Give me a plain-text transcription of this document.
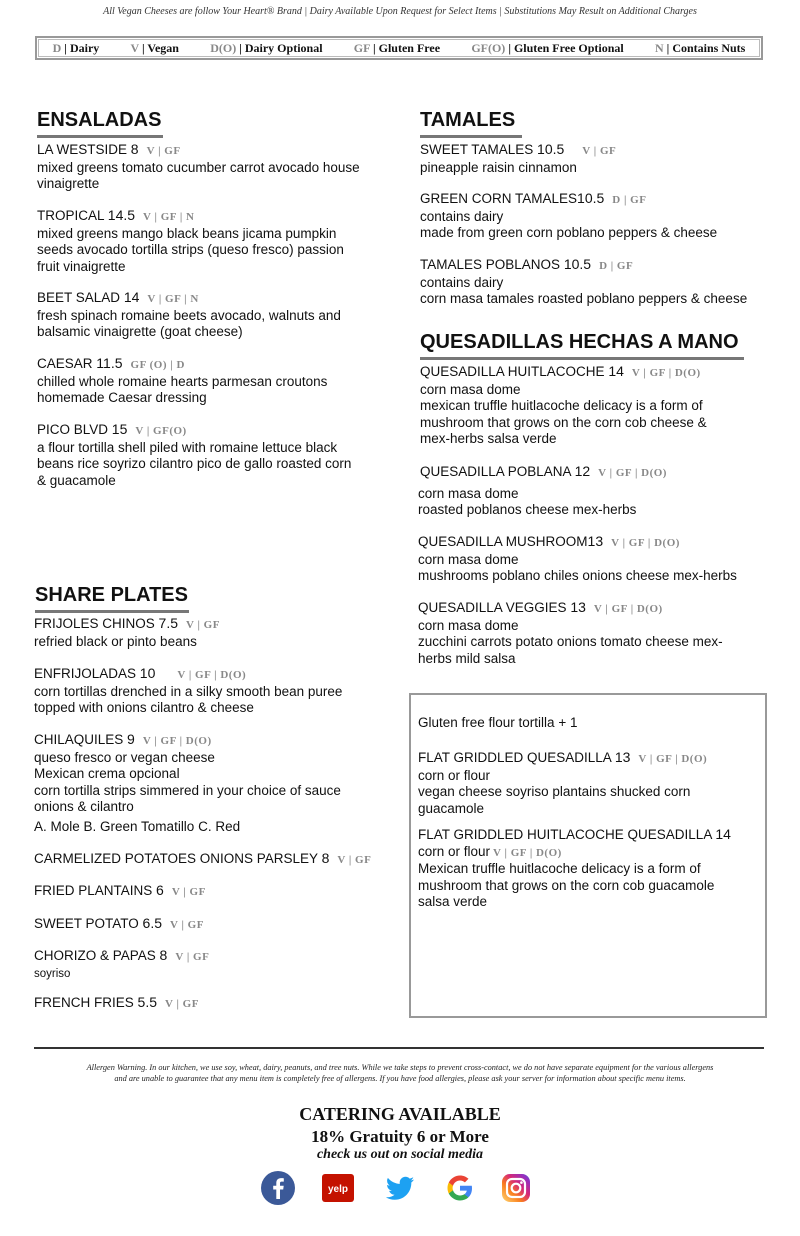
All Vegan Cheeses are follow Your Heart® Brand | Dairy Available Upon Request for Select Items | Substitutions May Result on Additional Charges
D | Dairy	V | Vegan	D(O) | Dairy Optional	GF | Gluten Free	GF(O) | Gluten Free Optional	N | Contains Nuts
ENSALADAS
LA WESTSIDE 8 V | GF
mixed greens tomato cucumber carrot avocado house
vinaigrette
TROPICAL 14.5 V | GF | N
mixed greens mango black beans jicama pumpkin
seeds avocado tortilla strips (queso fresco) passion
fruit vinaigrette
BEET SALAD 14 V | GF | N
fresh spinach romaine beets avocado, walnuts and
balsamic vinaigrette (goat cheese)
CAESAR 11.5 GF (O) | D
chilled whole romaine hearts parmesan croutons
homemade Caesar dressing
PICO BLVD 15 V | GF(O)
a flour tortilla shell piled with romaine lettuce black
beans rice soyrizo cilantro pico de gallo roasted corn
& guacamole
SHARE PLATES
FRIJOLES CHINOS 7.5 V | GF
refried black or pinto beans
ENFRIJOLADAS 10 V | GF | D(O)
corn tortillas drenched in a silky smooth bean puree
topped with onions cilantro & cheese
CHILAQUILES 9 V | GF | D(O)
queso fresco or vegan cheese
Mexican crema opcional
corn tortilla strips simmered in your choice of sauce
onions & cilantro
A. Mole B. Green Tomatillo C. Red
CARMELIZED POTATOES ONIONS PARSLEY 8 V | GF
FRIED PLANTAINS 6 V | GF
SWEET POTATO 6.5 V | GF
CHORIZO & PAPAS 8 V | GF
soyriso
FRENCH FRIES 5.5 V | GF
TAMALES
SWEET TAMALES 10.5 V | GF
pineapple raisin cinnamon
GREEN CORN TAMALES10.5 D | GF
contains dairy
made from green corn poblano peppers & cheese
TAMALES POBLANOS 10.5 D | GF
contains dairy
corn masa tamales roasted poblano peppers & cheese
QUESADILLAS HECHAS A MANO
QUESADILLA HUITLACOCHE 14 V | GF | D(O)
corn masa dome
mexican truffle huitlacoche delicacy is a form of
mushroom that grows on the corn cob cheese &
mex-herbs salsa verde
QUESADILLA POBLANA 12 V | GF | D(O)
corn masa dome
roasted poblanos cheese mex-herbs
QUESADILLA MUSHROOM13 V | GF | D(O)
corn masa dome
mushrooms poblano chiles onions cheese mex-herbs
QUESADILLA VEGGIES 13 V | GF | D(O)
corn masa dome
zucchini carrots potato onions tomato cheese mex-
herbs mild salsa
Gluten free flour tortilla + 1
FLAT GRIDDLED QUESADILLA 13 V | GF | D(O)
corn or flour
vegan cheese soyriso plantains shucked corn
guacamole
FLAT GRIDDLED HUITLACOCHE QUESADILLA 14
corn or flour V | GF | D(O)
Mexican truffle huitlacoche delicacy is a form of
mushroom that grows on the corn cob guacamole
salsa verde
Allergen Warning. In our kitchen, we use soy, wheat, dairy, peanuts, and tree nuts. While we take steps to prevent cross-contact, we do not have separate equipment for the various allergens
and are unable to guarantee that any menu item is completely free of allergens. If you have food allergies, please ask your server for information about specific menu items.
CATERING AVAILABLE
18% Gratuity 6 or More
check us out on social media
yelp
